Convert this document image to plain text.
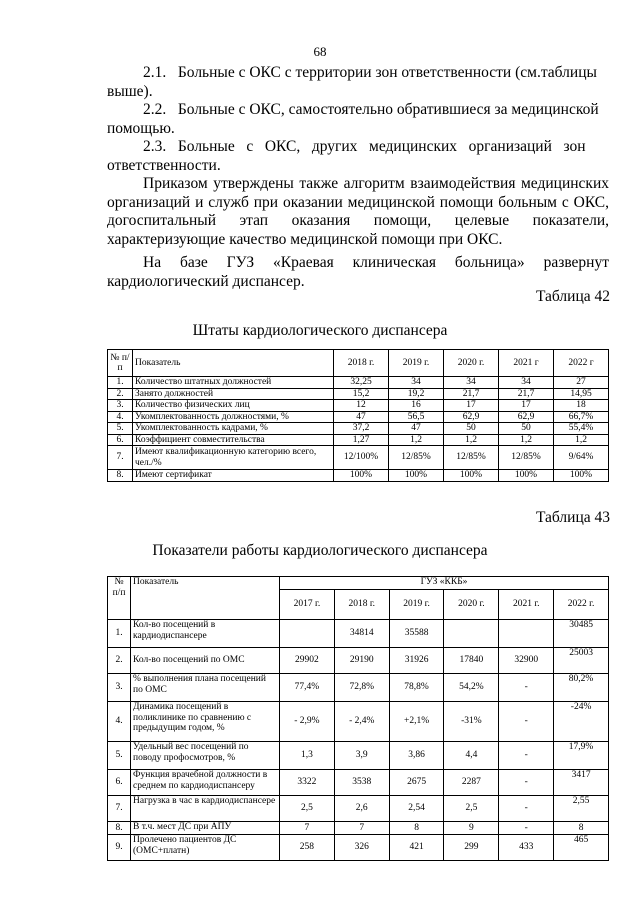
68
2.1.   Больные с ОКС с территории зон ответственности (см.таблицы
выше).
2.2.   Больные с ОКС, самостоятельно обратившиеся за медицинской
помощью.
2.3.   Больные   с   ОКС,   других   медицинских   организаций   зон
ответственности.
Приказом утверждены также алгоритм взаимодействия медицинских организаций и служб при оказании медицинской помощи больным с ОКС, догоспитальный этап оказания помощи, целевые показатели, характеризующие качество медицинской помощи при ОКС.
На базе ГУЗ «Краевая клиническая больница» развернут кардиологический диспансер.
Таблица 42
Штаты кардиологического диспансера
№ п/п	Показатель	2018 г.	2019 г.	2020 г.	2021 г	2022 г
1.	Количество штатных должностей	32,25	34	34	34	27
2.	Занято должностей	15,2	19,2	21,7	21,7	14,95
3.	Количество физических лиц	12	16	17	17	18
4.	Укомплектованность должностями, %	47	56,5	62,9	62,9	66,7%
5.	Укомплектованность кадрами, %	37,2	47	50	50	55,4%
6.	Коэффициент совместительства	1,27	1,2	1,2	1,2	1,2
7.	Имеют квалификационную категорию всего, чел./%	12/100%	12/85%	12/85%	12/85%	9/64%
8.	Имеют сертификат	100%	100%	100%	100%	100%
Таблица 43
Показатели работы кардиологического диспансера
№ п/п	Показатель	ГУЗ «ККБ»					
		2017 г.	2018 г.	2019 г.	2020 г.	2021 г.	2022 г.
1.	Кол-во посещений в кардиодиспансере		34814	35588			30485
2.	Кол-во посещений по ОМС	29902	29190	31926	17840	32900	25003
3.	% выполнения плана посещений по ОМС	77,4%	72,8%	78,8%	54,2%	-	80,2%
4.	Динамика посещений в поликлинике по сравнению с предыдущим годом, %	- 2,9%	- 2,4%	+2,1%	-31%	-	-24%
5.	Удельный вес посещений по поводу профосмотров, %	1,3	3,9	3,86	4,4	-	17,9%
6.	Функция врачебной должности в среднем по кардиодиспансеру	3322	3538	2675	2287	-	3417
7.	Нагрузка в час в кардиодиспансере	2,5	2,6	2,54	2,5	-	2,55
8.	В т.ч. мест ДС при АПУ	7	7	8	9	-	8
9.	Пролечено пациентов ДС (ОМС+платн)	258	326	421	299	433	465
